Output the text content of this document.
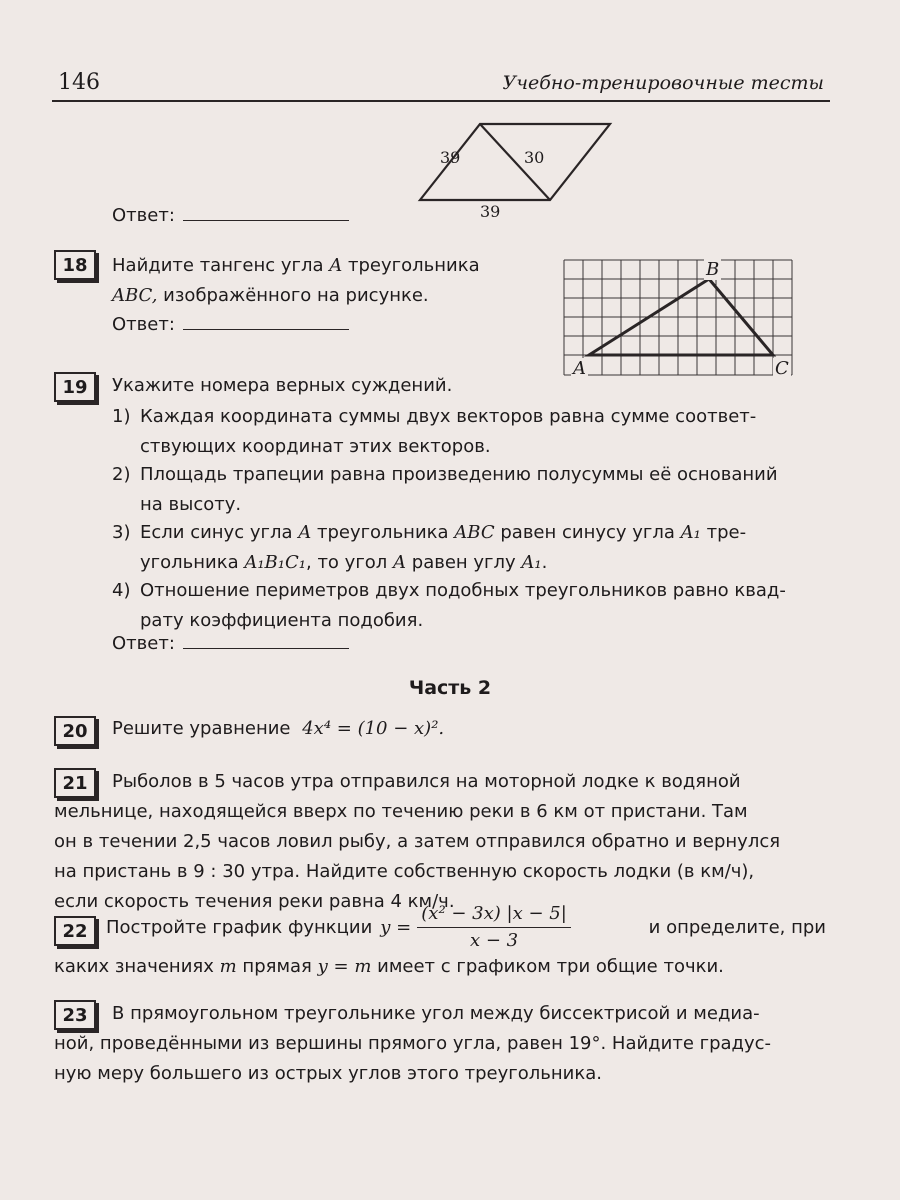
146	Учебно-тренировочные тесты
39	30
39
Ответ:
18	Найдите тангенс угла A треугольника
ABC, изображённого на рисунке.
Ответ:
A
B
C
19	Укажите номера верных суждений.
1) Каждая координата суммы двух векторов равна сумме соответ-
ствующих координат этих векторов.
2) Площадь трапеции равна произведению полусуммы её оснований
на высоту.
3) Если синус угла A треугольника ABC равен синусу угла A₁ тре-
угольника A₁B₁C₁, то угол A равен углу A₁.
4) Отношение периметров двух подобных треугольников равно квад-
рату коэффициента подобия.
Ответ:
Часть 2
20	Решите уравнение 4x⁴ = (10 − x)².
21	Рыболов в 5 часов утра отправился на моторной лодке к водяной
мельнице, находящейся вверх по течению реки в 6 км от пристани. Там
он в течении 2,5 часов ловил рыбу, а затем отправился обратно и вернулся
на пристань в 9 : 30 утра. Найдите собственную скорость лодки (в км/ч),
если скорость течения реки равна 4 км/ч.
22	Постройте график функции $y = \frac{\text{(x² − 3x) |x − 5|}}{x - 3}$	и определите, при
каких значениях m прямая y = m имеет с графиком три общие точки.
23	В прямоугольном треугольнике угол между биссектрисой и медиа-
ной, проведёнными из вершины прямого угла, равен 19°. Найдите градус-
ную меру большего из острых углов этого треугольника.
